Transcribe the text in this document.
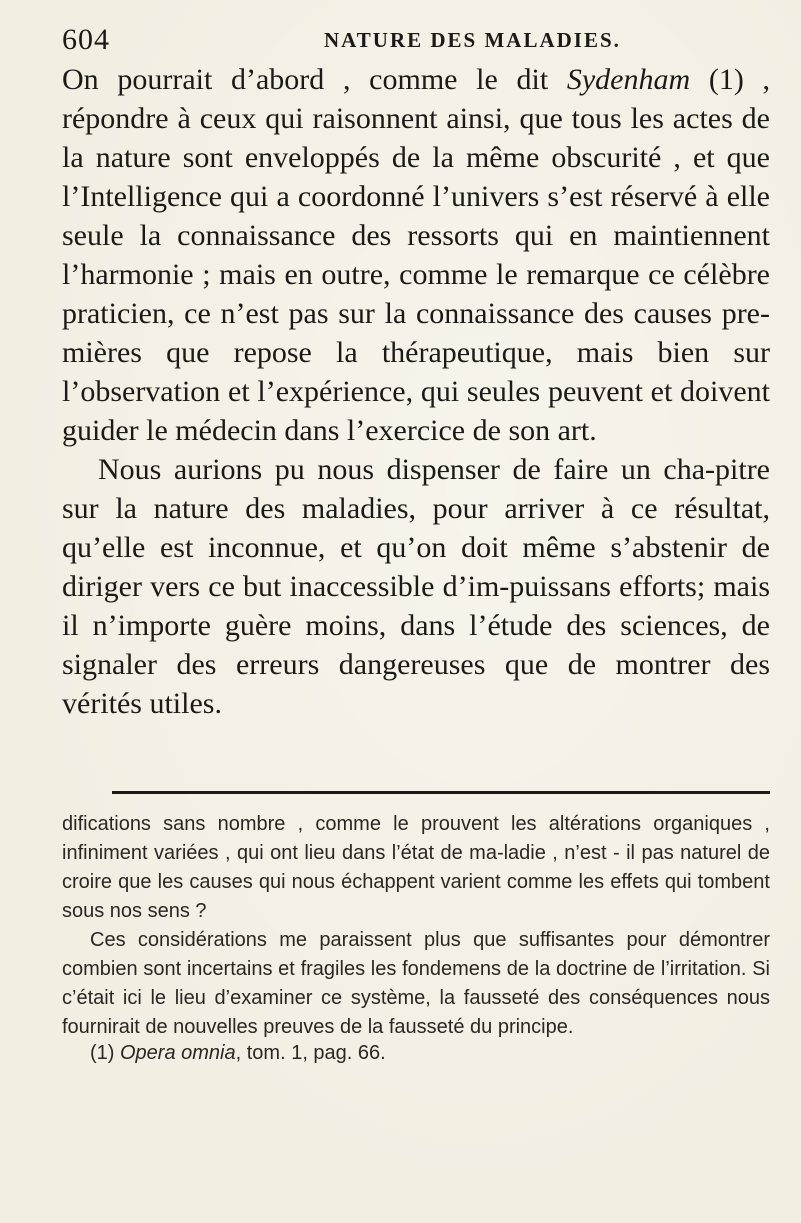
604	NATURE DES MALADIES.

On pourrait d’abord , comme le dit Sydenham (1) , répondre à ceux qui raisonnent ainsi, que tous les actes de la nature sont enveloppés de la même obscurité , et que l’Intelligence qui a coordonné l’univers s’est réservé à elle seule la connaissance des ressorts qui en maintiennent l’harmonie ; mais en outre, comme le remarque ce célèbre praticien, ce n’est pas sur la connaissance des causes pre-mières que repose la thérapeutique, mais bien sur l’observation et l’expérience, qui seules peuvent et doivent guider le médecin dans l’exercice de son art.

Nous aurions pu nous dispenser de faire un cha-pitre sur la nature des maladies, pour arriver à ce résultat, qu’elle est inconnue, et qu’on doit même s’abstenir de diriger vers ce but inaccessible d’im-puissans efforts; mais il n’importe guère moins, dans l’étude des sciences, de signaler des erreurs dangereuses que de montrer des vérités utiles.

difications sans nombre , comme le prouvent les altérations organiques , infiniment variées , qui ont lieu dans l’état de ma-ladie , n’est - il pas naturel de croire que les causes qui nous échappent varient comme les effets qui tombent sous nos sens ?

Ces considérations me paraissent plus que suffisantes pour démontrer combien sont incertains et fragiles les fondemens de la doctrine de l’irritation. Si c’était ici le lieu d’examiner ce système, la fausseté des conséquences nous fournirait de nouvelles preuves de la fausseté du principe.

(1) Opera omnia, tom. 1, pag. 66.
